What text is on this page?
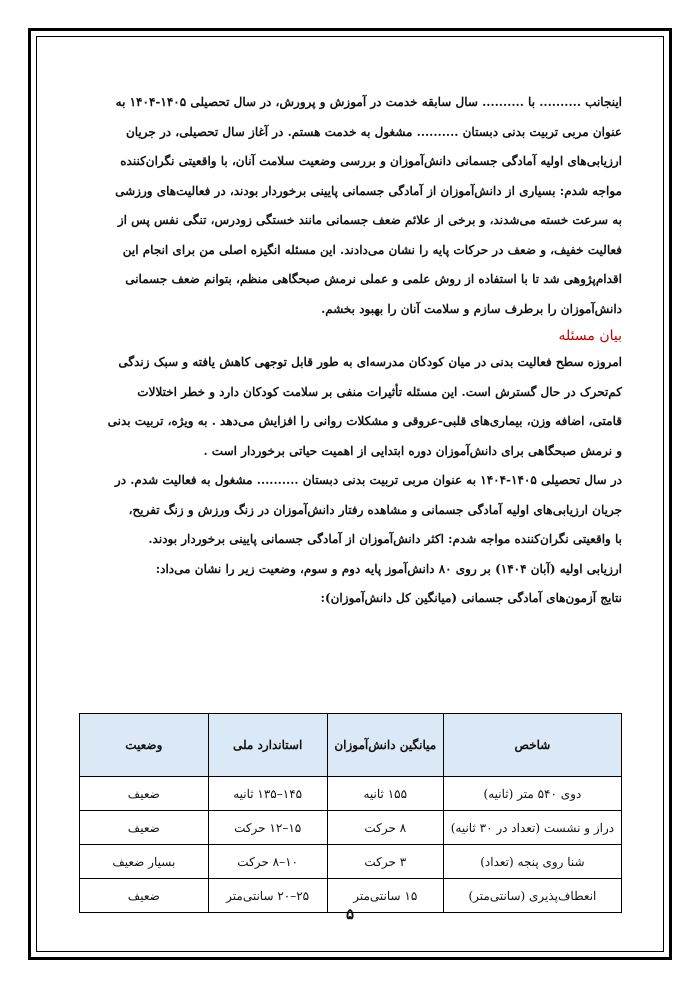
اینجانب .......... با .......... سال سابقه خدمت در آموزش و پرورش، در سال تحصیلی ۱۴۰۵-۱۴۰۴ به

عنوان مربی تربیت بدنی دبستان .......... مشغول به خدمت هستم. در آغاز سال تحصیلی، در جریان

ارزیابی‌های اولیه آمادگی جسمانی دانش‌آموزان و بررسی وضعیت سلامت آنان، با واقعیتی نگران‌کننده

مواجه شدم: بسیاری از دانش‌آموزان از آمادگی جسمانی پایینی برخوردار بودند، در فعالیت‌های ورزشی

به سرعت خسته می‌شدند، و برخی از علائم ضعف جسمانی مانند خستگی زودرس، تنگی نفس پس از

فعالیت خفیف، و ضعف در حرکات پایه را نشان می‌دادند. این مسئله انگیزه اصلی من برای انجام این

اقدام‌پژوهی شد تا با استفاده از روش علمی و عملی نرمش صبحگاهی منظم، بتوانم ضعف جسمانی

دانش‌آموزان را برطرف سازم و سلامت آنان را بهبود بخشم.

بیان مسئله

امروزه سطح فعالیت بدنی در میان کودکان مدرسه‌ای به طور قابل توجهی کاهش یافته و سبک زندگی

کم‌تحرک در حال گسترش است. این مسئله تأثیرات منفی بر سلامت کودکان دارد و خطر اختلالات

قامتی، اضافه وزن، بیماری‌های قلبی-عروقی و مشکلات روانی را افزایش می‌دهد . به ویژه، تربیت بدنی

و نرمش صبحگاهی برای دانش‌آموزان دوره ابتدایی از اهمیت حیاتی برخوردار است .

در سال تحصیلی ۱۴۰۵-۱۴۰۴ به عنوان مربی تربیت بدنی دبستان .......... مشغول به فعالیت شدم. در

جریان ارزیابی‌های اولیه آمادگی جسمانی و مشاهده رفتار دانش‌آموزان در زنگ ورزش و زنگ تفریح،

با واقعیتی نگران‌کننده مواجه شدم: اکثر دانش‌آموزان از آمادگی جسمانی پایینی برخوردار بودند.

ارزیابی اولیه (آبان ۱۴۰۴) بر روی ۸۰ دانش‌آموز پایه دوم و سوم، وضعیت زیر را نشان می‌داد:

نتایج آزمون‌های آمادگی جسمانی (میانگین کل دانش‌آموزان):

شاخص	میانگین دانش‌آموزان	استاندارد ملی	وضعیت
دوی ۵۴۰ متر (ثانیه)	۱۵۵ ثانیه	۱۴۵–۱۳۵ ثانیه	ضعیف
دراز و نشست (تعداد در ۳۰ ثانیه)	۸ حرکت	۱۵–۱۲ حرکت	ضعیف
شنا روی پنجه (تعداد)	۳ حرکت	۱۰–۸ حرکت	بسیار ضعیف
انعطاف‌پذیری (سانتی‌متر)	۱۵ سانتی‌متر	۲۵–۲۰ سانتی‌متر	ضعیف
۵
